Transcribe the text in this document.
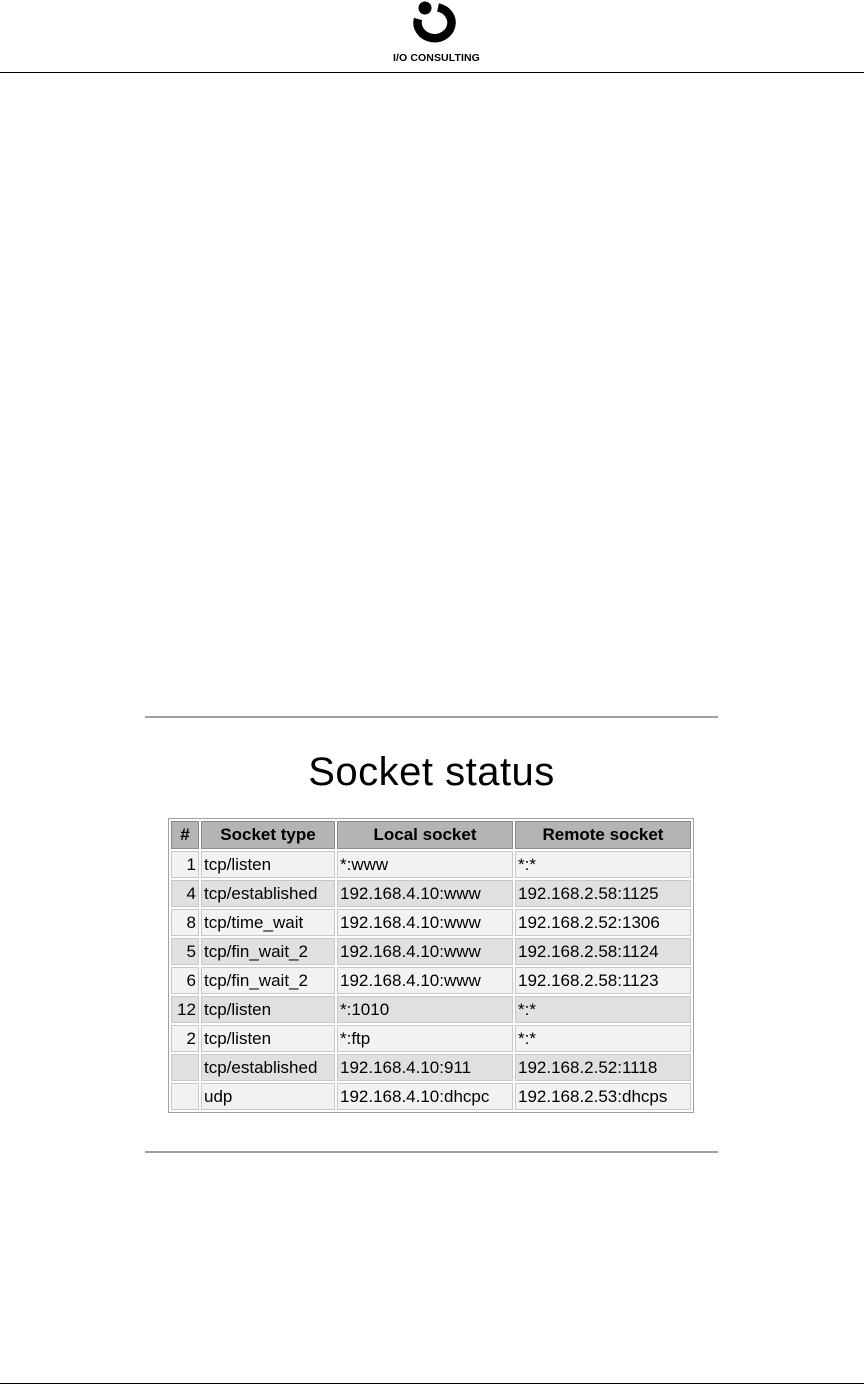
I/O CONSULTING
Socket status
#	Socket type	Local socket	Remote socket
1	tcp/listen	*:www	*:*
4	tcp/established	192.168.4.10:www	192.168.2.58:1125
8	tcp/time_wait	192.168.4.10:www	192.168.2.52:1306
5	tcp/fin_wait_2	192.168.4.10:www	192.168.2.58:1124
6	tcp/fin_wait_2	192.168.4.10:www	192.168.2.58:1123
12	tcp/listen	*:1010	*:*
2	tcp/listen	*:ftp	*:*
	tcp/established	192.168.4.10:911	192.168.2.52:1118
	udp	192.168.4.10:dhcpc	192.168.2.53:dhcps
